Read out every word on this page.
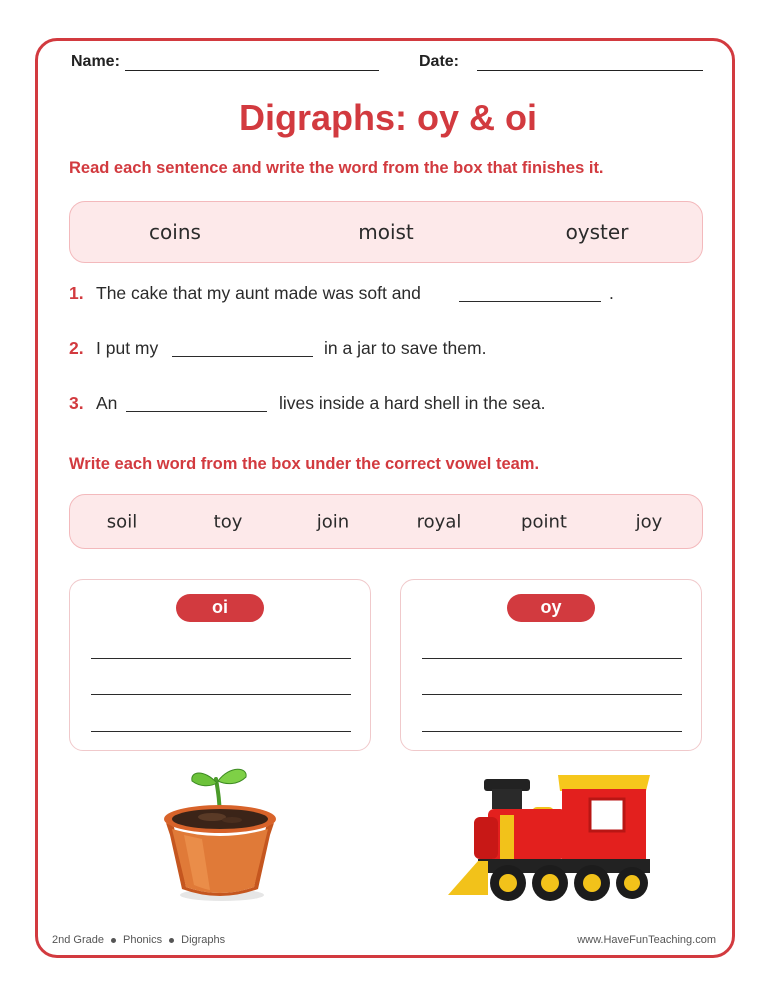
Name:	Date:
Digraphs: oy & oi
Read each sentence and write the word from the box that finishes it.
coins	moist	oyster
1. The cake that my aunt made was soft and	.
2. I put my	in a jar to save them.
3. An	lives inside a hard shell in the sea.
Write each word from the box under the correct vowel team.
soil	toy	join	royal	point	joy
oi	oy
2nd Grade Phonics Digraphs	www.HaveFunTeaching.com
